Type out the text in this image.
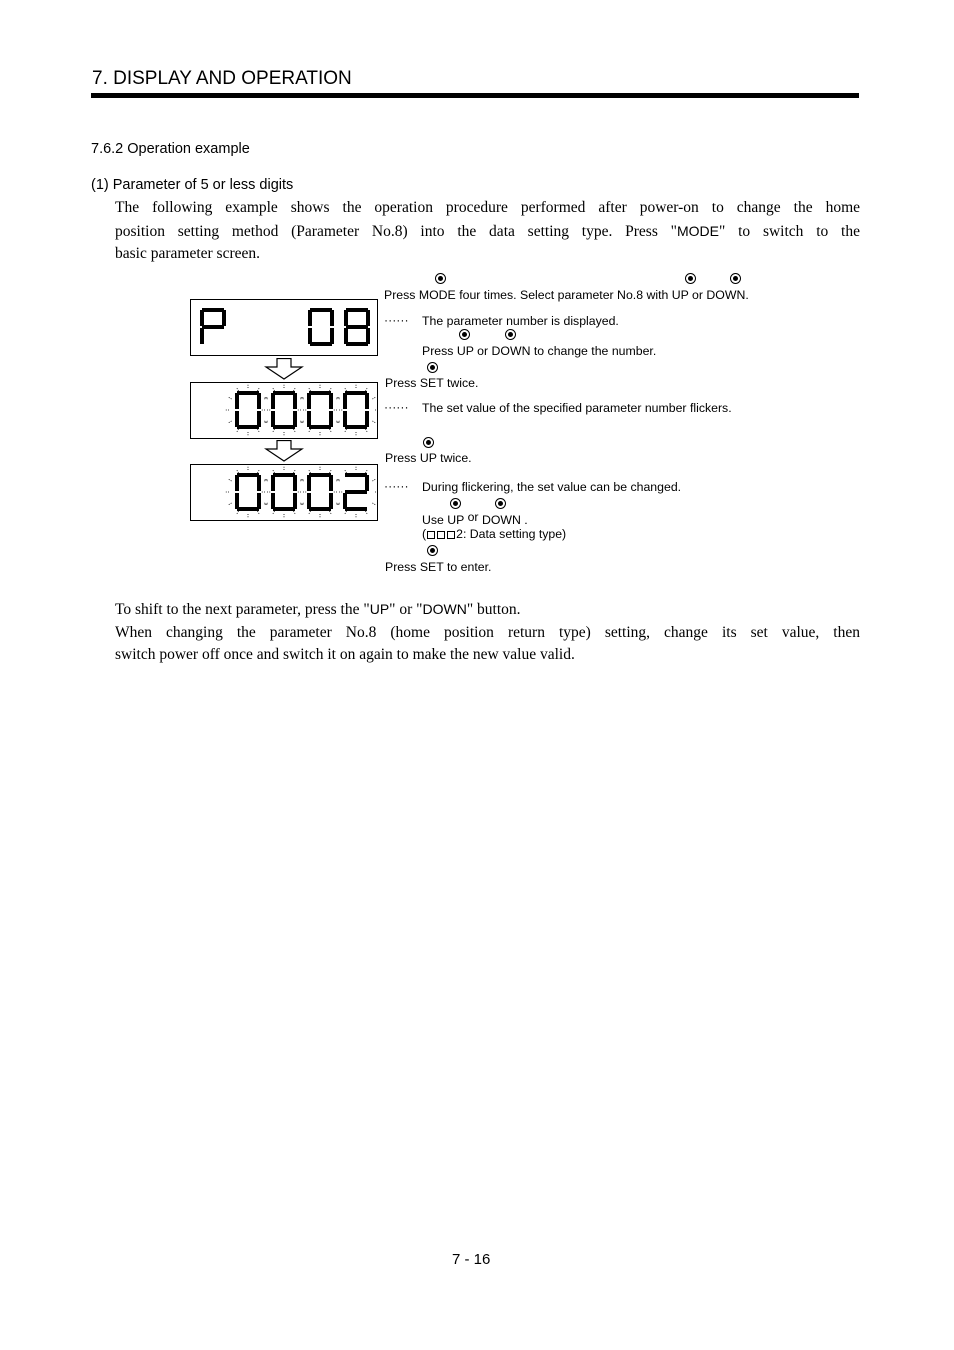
7. DISPLAY AND OPERATION
7.6.2 Operation example
(1) Parameter of 5 or less digits
The following example shows the operation procedure performed after power-on to change the home
position setting method (Parameter No.8) into the data setting type. Press "MODE" to switch to the
basic parameter screen.
Press MODE four times. Select parameter No.8 with UP or DOWN.
······ The parameter number is displayed.
Press UP or DOWN to change the number.
Press SET twice.
······ The set value of the specified parameter number flickers.
Press UP twice.
······ During flickering, the set value can be changed.
Use UP or DOWN .
( 2: Data setting type)
Press SET to enter.
To shift to the next parameter, press the "UP" or "DOWN" button.
When changing the parameter No.8 (home position return type) setting, change its set value, then
switch power off once and switch it on again to make the new value valid.
7 - 16
